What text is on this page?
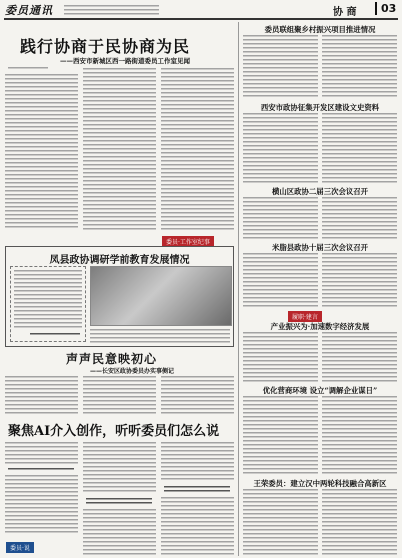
委员通讯	协 商	03
践行协商于民协商为民
——西安市新城区西一路街道委员工作室见闻
委员·工作室纪事
凤县政协调研学前教育发展情况
声声民意映初心
——长安区政协委员办实事侧记
聚焦AI介入创作，听听委员们怎么说
委员·说
委员联组聚乡村振兴项目推进情况
西安市政协征集开发区建设文史资料
横山区政协二届三次会议召开
米脂县政协十届三次会议召开
履职·建言
产业振兴为·加速数字经济发展
优化营商环境 设立“调解企业谋日”
王荣委员：建立汉中两轮科技融合高新区
